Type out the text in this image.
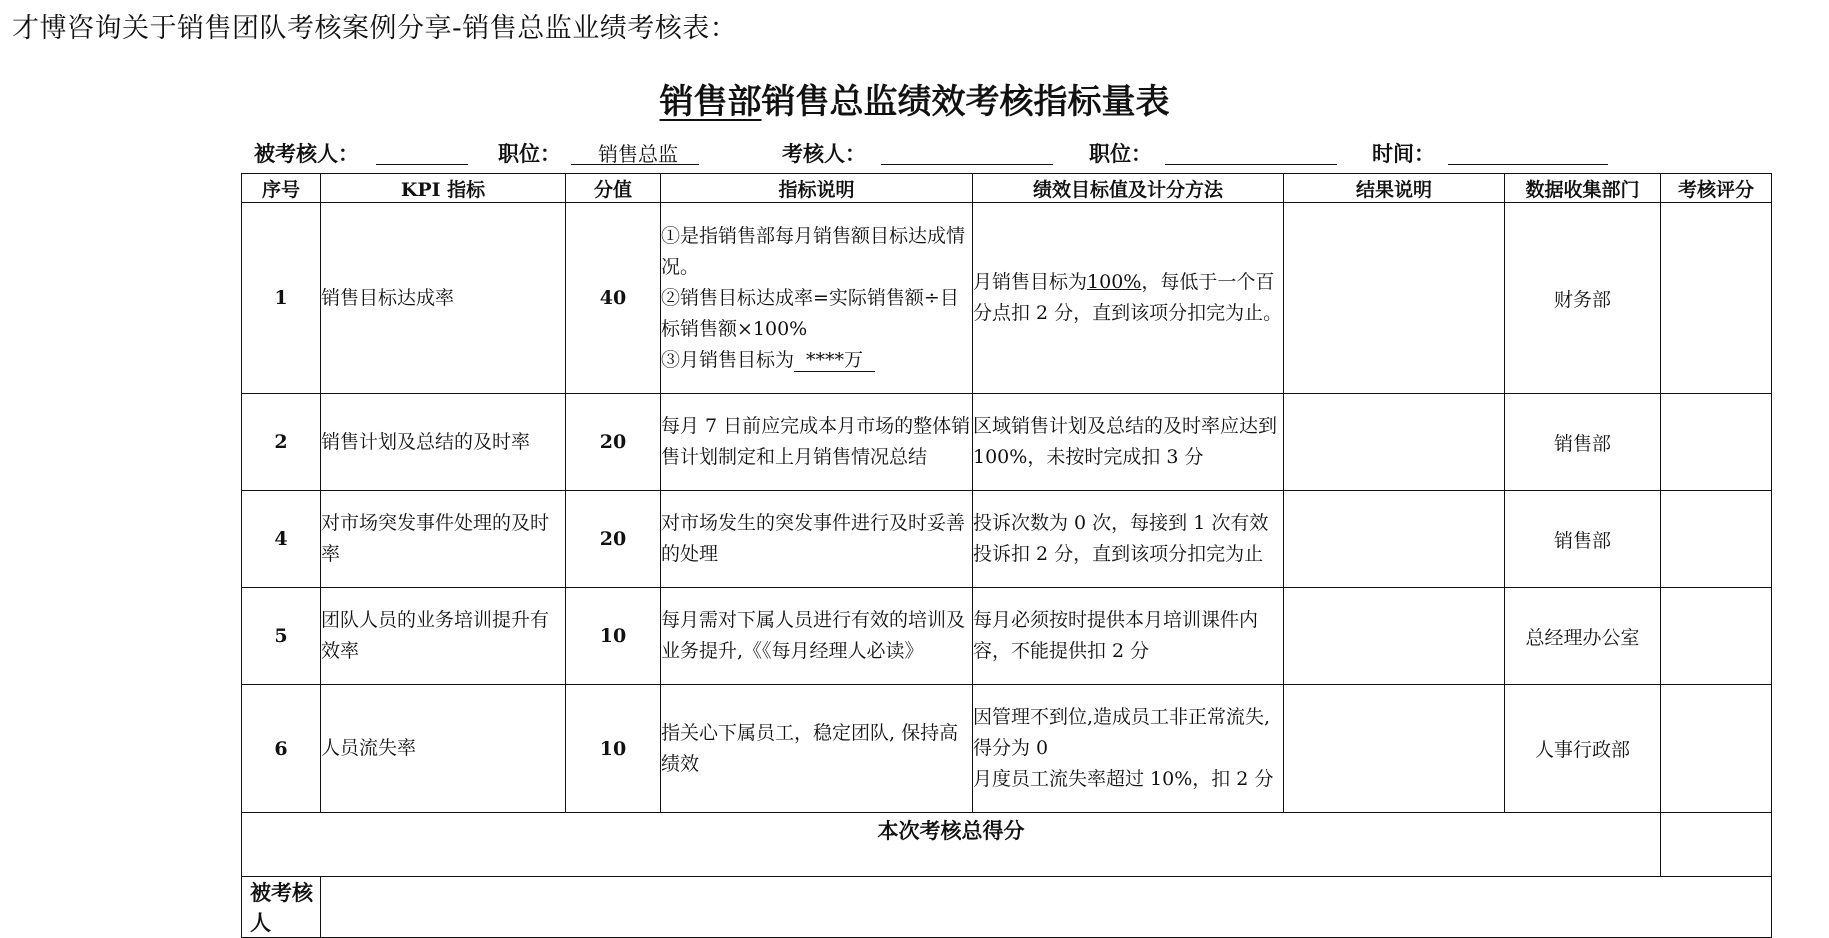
才博咨询关于销售团队考核案例分享-销售总监业绩考核表：
销售部销售总监绩效考核指标量表
被考核人：	职位： 销售总监	考核人：	职位：	时间：
序号	KPI 指标	分值	指标说明	绩效目标值及计分方法	结果说明	数据收集部门	考核评分
1	销售目标达成率	40	①是指销售部每月销售额目标达成情况。
②销售目标达成率=实际销售额÷目标销售额×100%
③月销售目标为 ****万	月销售目标为100%，每低于一个百分点扣 2 分，直到该项分扣完为止。		财务部	
2	销售计划及总结的及时率	20	每月 7 日前应完成本月市场的整体销售计划制定和上月销售情况总结	区域销售计划及总结的及时率应达到 100%，未按时完成扣 3 分		销售部	
4	对市场突发事件处理的及时率	20	对市场发生的突发事件进行及时妥善的处理	投诉次数为 0 次，每接到 1 次有效投诉扣 2 分，直到该项分扣完为止		销售部	
5	团队人员的业务培训提升有效率	10	每月需对下属人员进行有效的培训及业务提升,《《每月经理人必读》	每月必须按时提供本月培训课件内容，不能提供扣 2 分		总经理办公室	
6	人员流失率	10	指关心下属员工，稳定团队, 保持高绩效	因管理不到位,造成员工非正常流失,得分为 0
月度员工流失率超过 10%，扣 2 分		人事行政部	
本次考核总得分							
被考核人							
